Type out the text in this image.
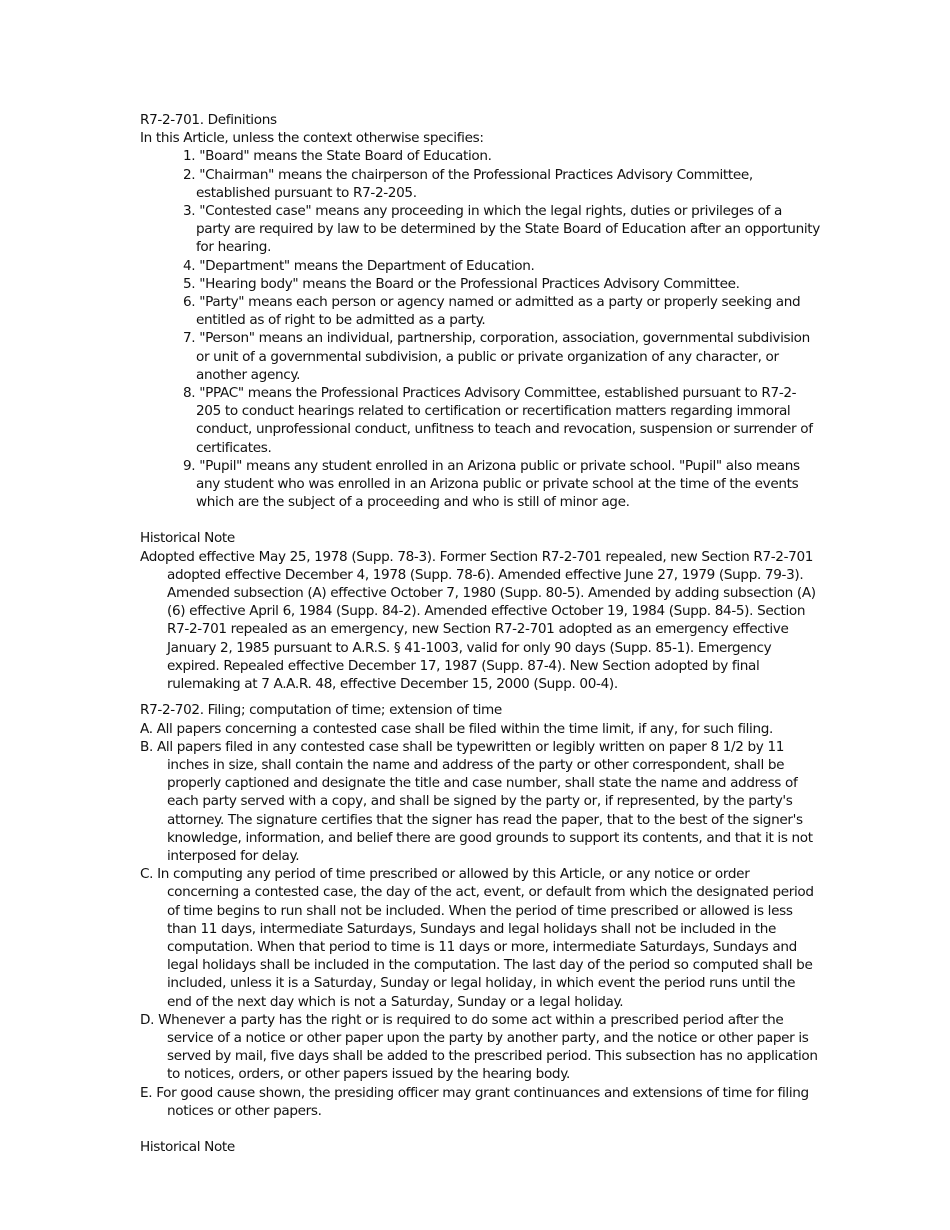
R7-2-701. Definitions
In this Article, unless the context otherwise specifies:
1. "Board" means the State Board of Education.
2. "Chairman" means the chairperson of the Professional Practices Advisory Committee, established pursuant to R7-2-205.
3. "Contested case" means any proceeding in which the legal rights, duties or privileges of a party are required by law to be determined by the State Board of Education after an opportunity for hearing.
4. "Department" means the Department of Education.
5. "Hearing body" means the Board or the Professional Practices Advisory Committee.
6. "Party" means each person or agency named or admitted as a party or properly seeking and entitled as of right to be admitted as a party.
7. "Person" means an individual, partnership, corporation, association, governmental subdivision or unit of a governmental subdivision, a public or private organization of any character, or another agency.
8. "PPAC" means the Professional Practices Advisory Committee, established pursuant to R7-2-205 to conduct hearings related to certification or recertification matters regarding immoral conduct, unprofessional conduct, unfitness to teach and revocation, suspension or surrender of certificates.
9. "Pupil" means any student enrolled in an Arizona public or private school. "Pupil" also means any student who was enrolled in an Arizona public or private school at the time of the events which are the subject of a proceeding and who is still of minor age.
Historical Note
Adopted effective May 25, 1978 (Supp. 78-3). Former Section R7-2-701 repealed, new Section R7-2-701 adopted effective December 4, 1978 (Supp. 78-6). Amended effective June 27, 1979 (Supp. 79-3). Amended subsection (A) effective October 7, 1980 (Supp. 80-5). Amended by adding subsection (A)(6) effective April 6, 1984 (Supp. 84-2). Amended effective October 19, 1984 (Supp. 84-5). Section R7-2-701 repealed as an emergency, new Section R7-2-701 adopted as an emergency effective January 2, 1985 pursuant to A.R.S. § 41-1003, valid for only 90 days (Supp. 85-1). Emergency expired. Repealed effective December 17, 1987 (Supp. 87-4). New Section adopted by final rulemaking at 7 A.A.R. 48, effective December 15, 2000 (Supp. 00-4).
R7-2-702. Filing; computation of time; extension of time
A. All papers concerning a contested case shall be filed within the time limit, if any, for such filing.
B. All papers filed in any contested case shall be typewritten or legibly written on paper 8 1/2 by 11 inches in size, shall contain the name and address of the party or other correspondent, shall be properly captioned and designate the title and case number, shall state the name and address of each party served with a copy, and shall be signed by the party or, if represented, by the party's attorney. The signature certifies that the signer has read the paper, that to the best of the signer's knowledge, information, and belief there are good grounds to support its contents, and that it is not interposed for delay.
C. In computing any period of time prescribed or allowed by this Article, or any notice or order concerning a contested case, the day of the act, event, or default from which the designated period of time begins to run shall not be included. When the period of time prescribed or allowed is less than 11 days, intermediate Saturdays, Sundays and legal holidays shall not be included in the computation. When that period to time is 11 days or more, intermediate Saturdays, Sundays and legal holidays shall be included in the computation. The last day of the period so computed shall be included, unless it is a Saturday, Sunday or legal holiday, in which event the period runs until the end of the next day which is not a Saturday, Sunday or a legal holiday.
D. Whenever a party has the right or is required to do some act within a prescribed period after the service of a notice or other paper upon the party by another party, and the notice or other paper is served by mail, five days shall be added to the prescribed period. This subsection has no application to notices, orders, or other papers issued by the hearing body.
E. For good cause shown, the presiding officer may grant continuances and extensions of time for filing notices or other papers.
Historical Note
